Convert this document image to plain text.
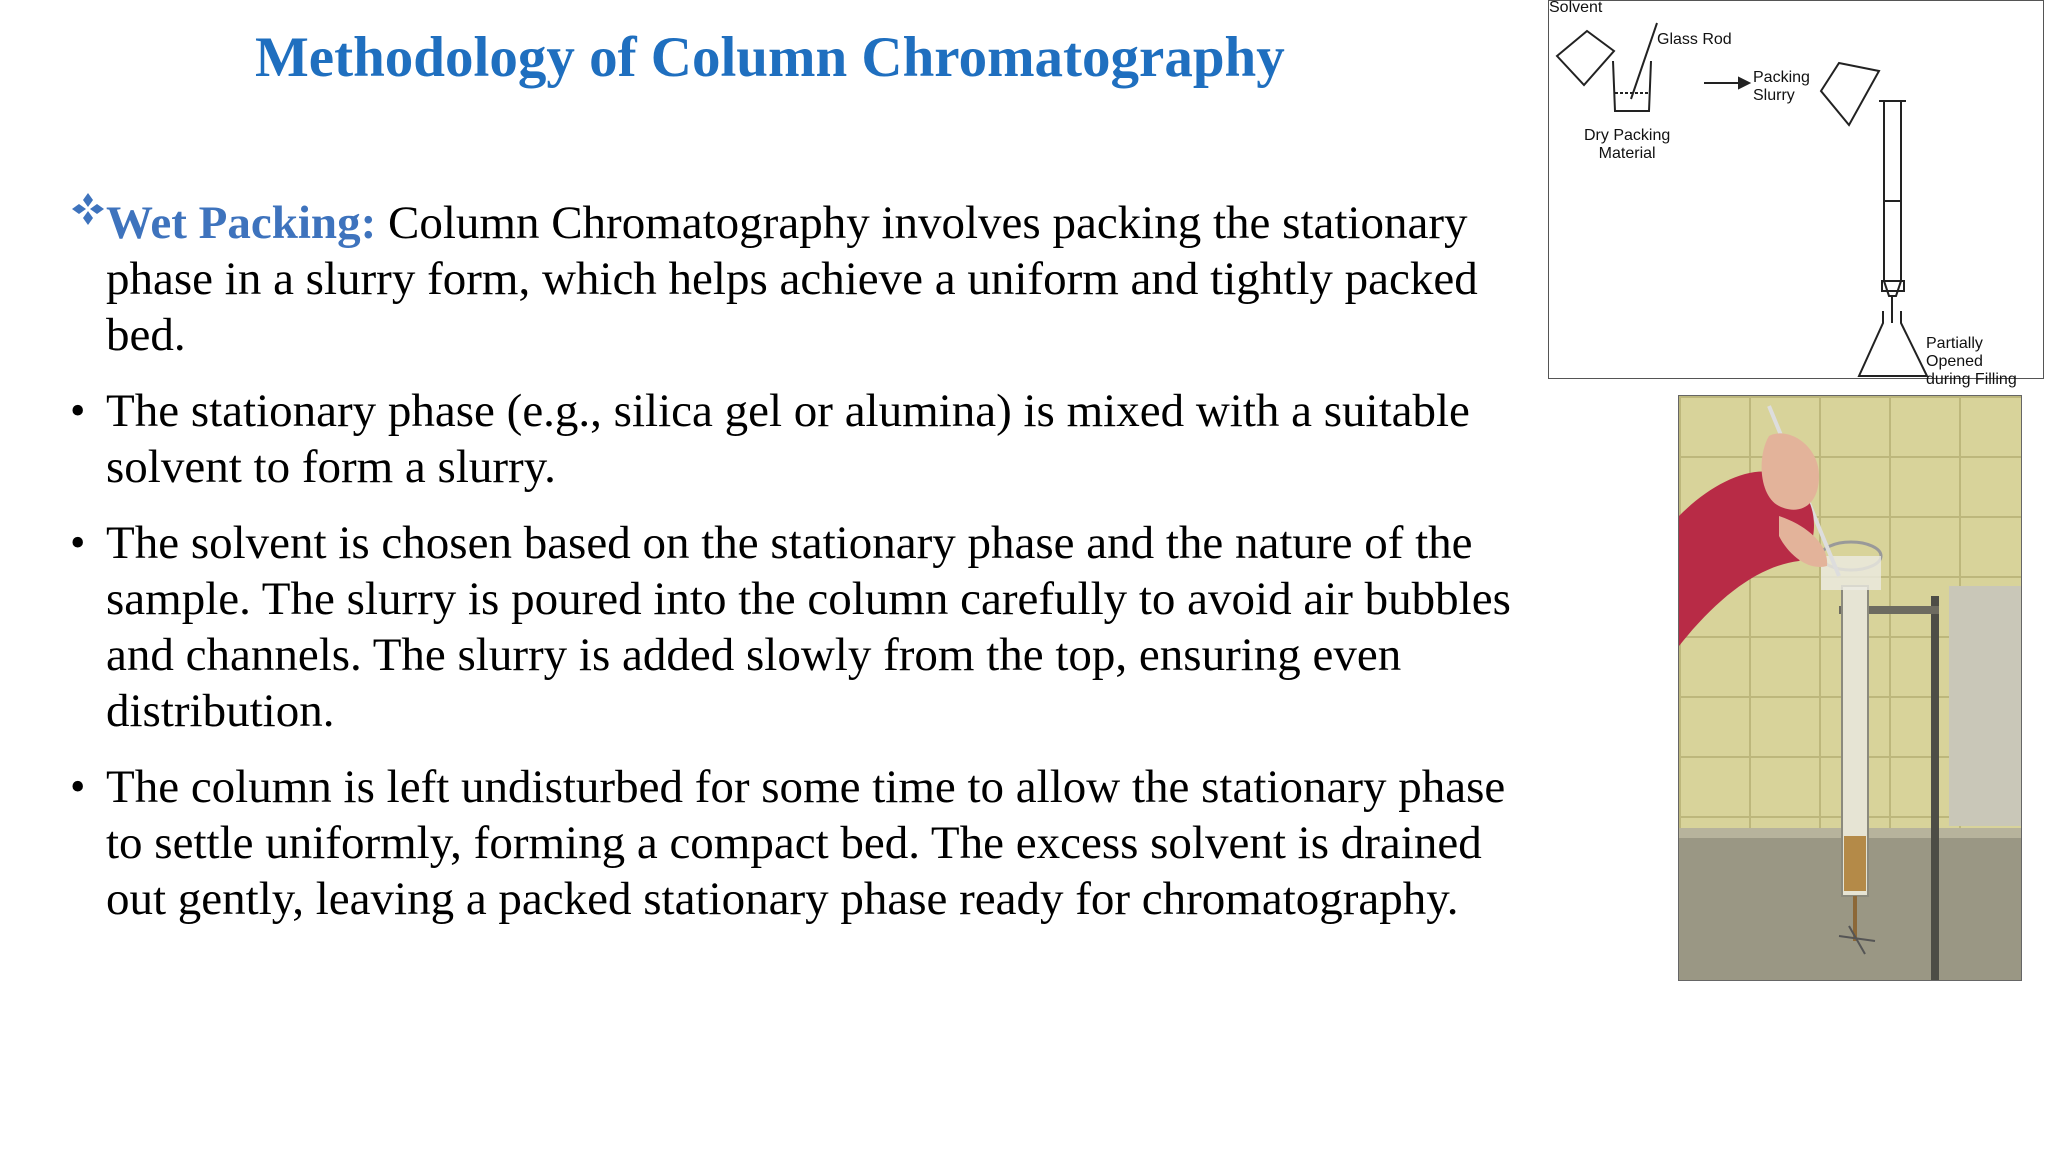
Methodology of Column Chromatography
Wet Packing: Column Chromatography involves packing the stationary phase in a slurry form, which helps achieve a uniform and tightly packed bed.
• The stationary phase (e.g., silica gel or alumina) is mixed with a suitable solvent to form a slurry.
• The solvent is chosen based on the stationary phase and the nature of the sample. The slurry is poured into the column carefully to avoid air bubbles and channels. The slurry is added slowly from the top, ensuring even distribution.
• The column is left undisturbed for some time to allow the stationary phase to settle uniformly, forming a compact bed. The excess solvent is drained out gently, leaving a packed stationary phase ready for chromatography.
Solvent
Glass Rod
Packing
Slurry
Dry Packing
Material
Partially Opened
during Filling
